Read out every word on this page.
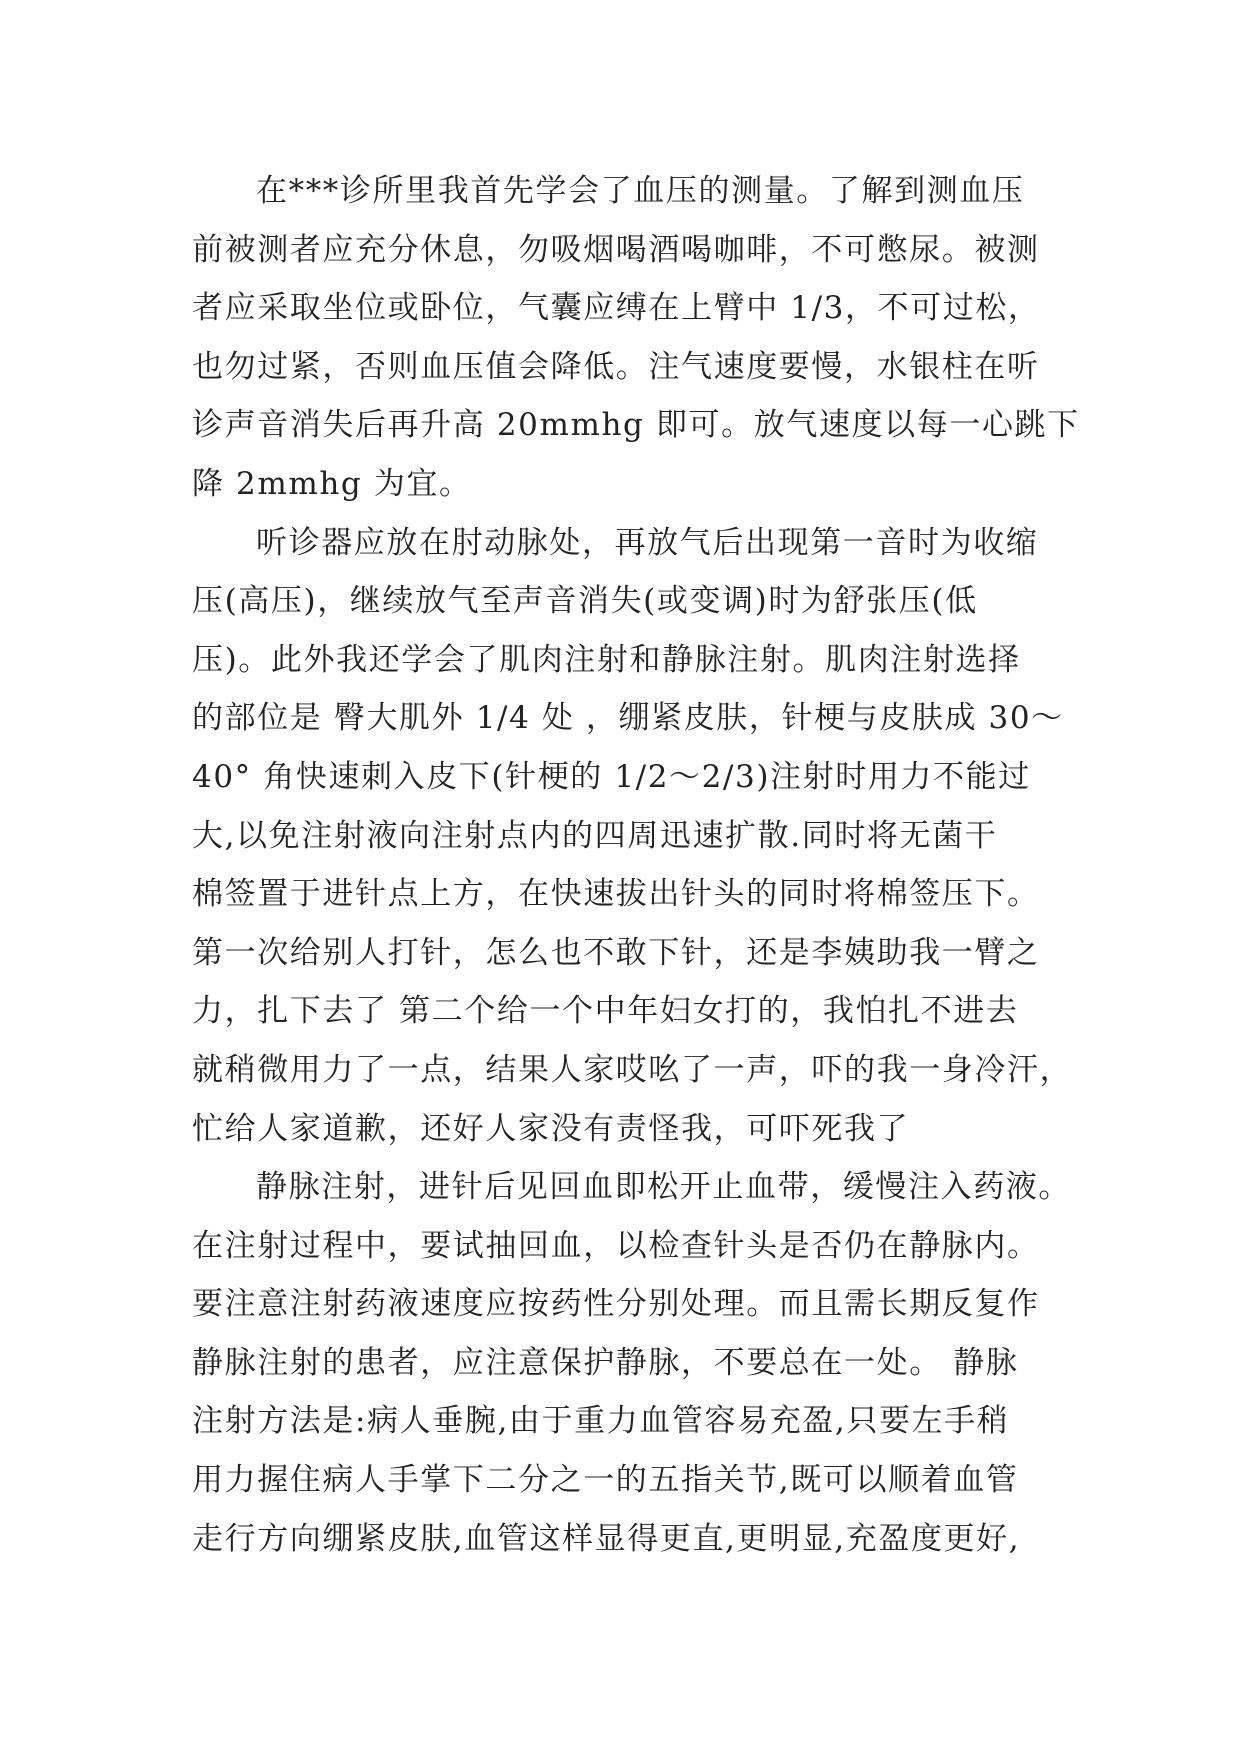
在***诊所里我首先学会了血压的测量。了解到测血压
前被测者应充分休息，勿吸烟喝酒喝咖啡，不可憋尿。被测
者应采取坐位或卧位，气囊应缚在上臂中 1/3，不可过松，
也勿过紧，否则血压值会降低。注气速度要慢，水银柱在听
诊声音消失后再升高 20mmhg 即可。放气速度以每一心跳下
降 2mmhg 为宜。
听诊器应放在肘动脉处，再放气后出现第一音时为收缩
压(高压)，继续放气至声音消失(或变调)时为舒张压(低
压)。此外我还学会了肌肉注射和静脉注射。肌肉注射选择
的部位是 臀大肌外 1/4 处 ，绷紧皮肤，针梗与皮肤成 30～
40° 角快速刺入皮下(针梗的 1/2～2/3)注射时用力不能过
大,以免注射液向注射点内的四周迅速扩散.同时将无菌干
棉签置于进针点上方，在快速拔出针头的同时将棉签压下。
第一次给别人打针，怎么也不敢下针，还是李姨助我一臂之
力，扎下去了 第二个给一个中年妇女打的，我怕扎不进去
就稍微用力了一点，结果人家哎吆了一声，吓的我一身冷汗，
忙给人家道歉，还好人家没有责怪我，可吓死我了
静脉注射，进针后见回血即松开止血带，缓慢注入药液。
在注射过程中，要试抽回血，以检查针头是否仍在静脉内。
要注意注射药液速度应按药性分别处理。而且需长期反复作
静脉注射的患者，应注意保护静脉，不要总在一处。 静脉
注射方法是:病人垂腕,由于重力血管容易充盈,只要左手稍
用力握住病人手掌下二分之一的五指关节,既可以顺着血管
走行方向绷紧皮肤,血管这样显得更直,更明显,充盈度更好,
